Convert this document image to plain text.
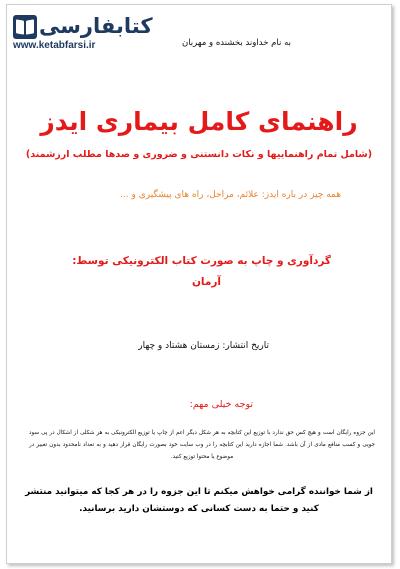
کتابفارسی
www.ketabfarsi.ir	به نام خداوند بخشنده و مهربان
راهنمای کامل بیماری ایدز
(شامل تمام راهنماییها و نکات دانستنی و ضروری و صدها مطلب ارزشمند)
همه چیز در باره ایدز: علائم، مراحل، راه های پیشگیری و ...
گردآوری و چاپ به صورت کتاب الکترونیکی توسط:
آرمان
تاریخ انتشار: زمستان هشتاد و چهار
توجه خیلی مهم:
این جزوه رایگان است و هیچ کس حق ندارد با توزیع این کتابچه به هر شکل دیگر اعم از چاپ یا توزیع الکترونیکی به هر شکلی از اشکال در پی سود جویی و کسب منافع مادی از آن باشد. شما اجازه دارید این کتابچه را در وب سایت خود بصورت رایگان قرار دهید و به تعداد نامحدود بدون تغییر در موضوع یا محتوا توزیع کنید.
از شما خواننده گرامی خواهش میکنم تا این جزوه را در هر کجا که میتوانید منتشر کنید و حتما به دست کسانی که دوستشان دارید برسانید.
